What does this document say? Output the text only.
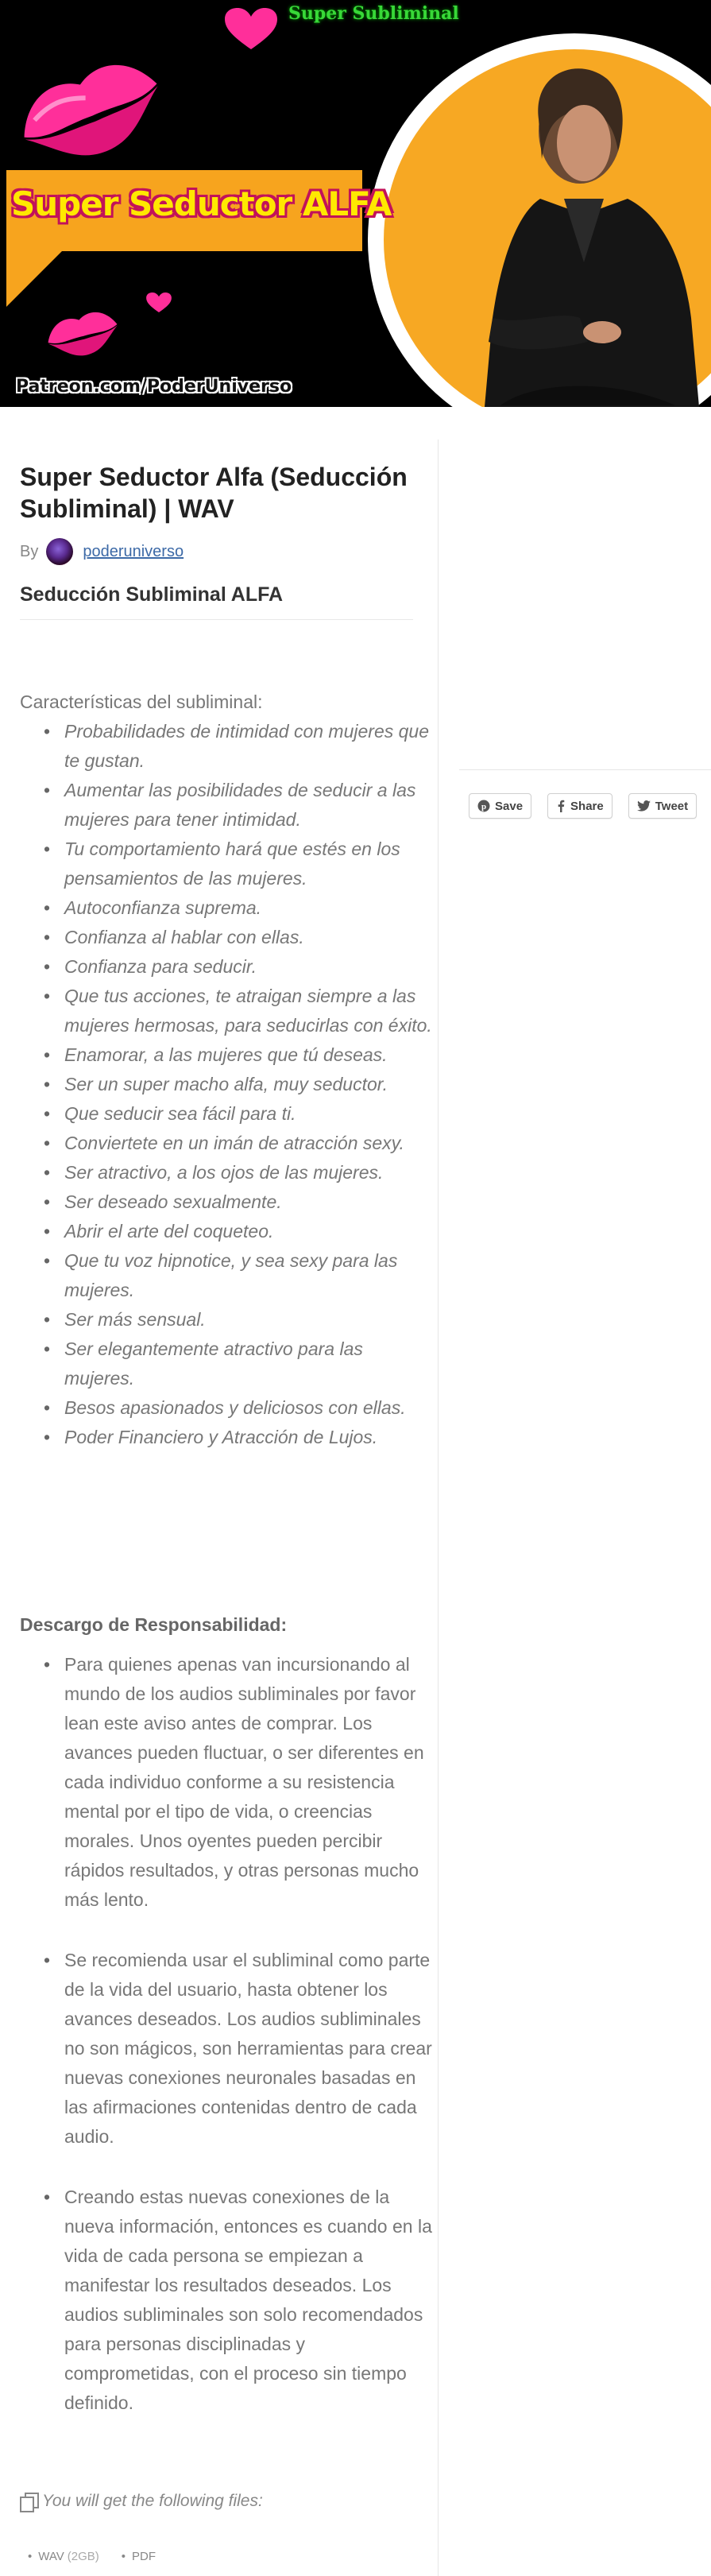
Super Subliminal
Super Seductor ALFA
Patreon.com/PoderUniverso
Super Seductor Alfa (Seducción Subliminal) | WAV
By	poderuniverso
Seducción Subliminal ALFA
Características del subliminal:
• Probabilidades de intimidad con mujeres que te gustan.
• Aumentar las posibilidades de seducir a las mujeres para tener intimidad.
• Tu comportamiento hará que estés en los pensamientos de las mujeres.
• Autoconfianza suprema.
• Confianza al hablar con ellas.
• Confianza para seducir.
• Que tus acciones, te atraigan siempre a las mujeres hermosas, para seducirlas con éxito.
• Enamorar, a las mujeres que tú deseas.
• Ser un super macho alfa, muy seductor.
• Que seducir sea fácil para ti.
• Conviertete en un imán de atracción sexy.
• Ser atractivo, a los ojos de las mujeres.
• Ser deseado sexualmente.
• Abrir el arte del coqueteo.
• Que tu voz hipnotice, y sea sexy para las mujeres.
• Ser más sensual.
• Ser elegantemente atractivo para las mujeres.
• Besos apasionados y deliciosos con ellas.
• Poder Financiero y Atracción de Lujos.
Descargo de Responsabilidad:
• Para quienes apenas van incursionando al mundo de los audios subliminales por favor lean este aviso antes de comprar. Los avances pueden fluctuar, o ser diferentes en cada individuo conforme a su resistencia mental por el tipo de vida, o creencias morales. Unos oyentes pueden percibir rápidos resultados, y otras personas mucho más lento.
• Se recomienda usar el subliminal como parte de la vida del usuario, hasta obtener los avances deseados. Los audios subliminales no son mágicos, son herramientas para crear nuevas conexiones neuronales basadas en las afirmaciones contenidas dentro de cada audio.
• Creando estas nuevas conexiones de la nueva información, entonces es cuando en la vida de cada persona se empiezan a manifestar los resultados deseados. Los audios subliminales son solo recomendados para personas disciplinadas y comprometidas, con el proceso sin tiempo definido.
You will get the following files:
• WAV (2GB)
•	PDF
p Save	Share	Tweet
